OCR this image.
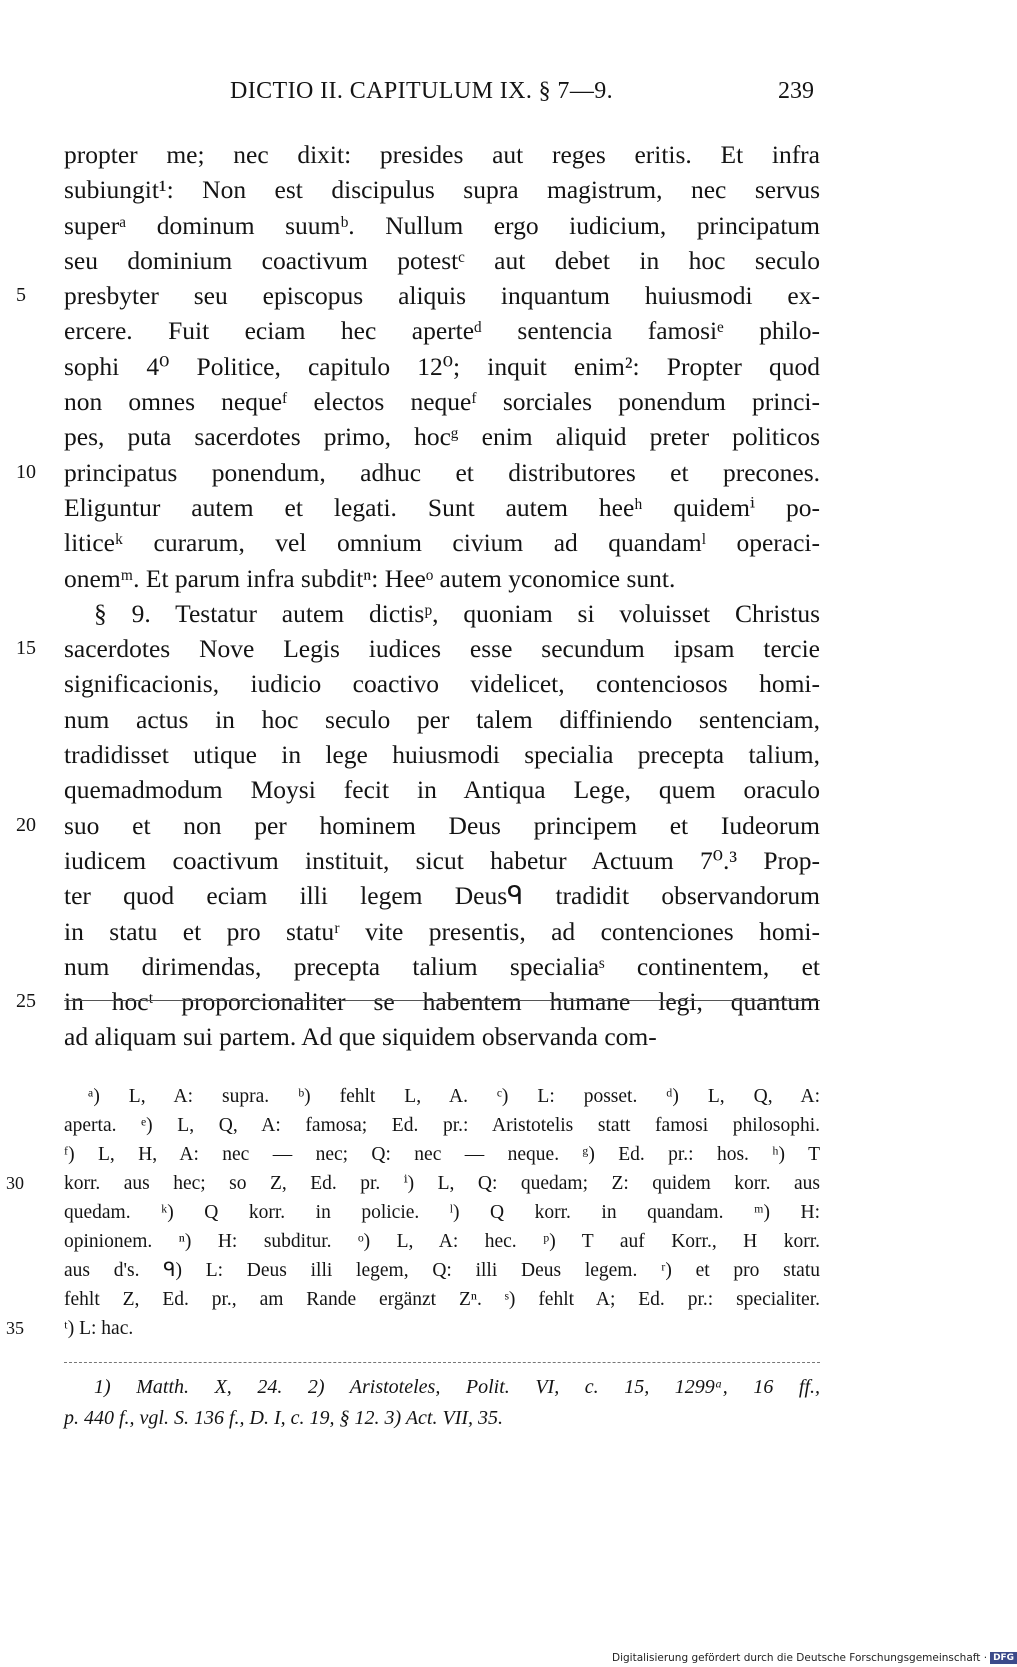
DICTIO II. CAPITULUM IX. § 7—9.	239
propter me; nec dixit: presides aut reges eritis. Et infra
subiungit¹: Non est discipulus supra magistrum, nec servus
superᵃ dominum suumᵇ. Nullum ergo iudicium, principatum
seu dominium coactivum potestᶜ aut debet in hoc seculo
5	presbyter seu episcopus aliquis inquantum huiusmodi ex-
ercere. Fuit eciam hec aperteᵈ sentencia famosiᵉ philo-
sophi 4⁰ Politice, capitulo 12⁰; inquit enim²: Propter quod
non omnes nequeᶠ electos nequeᶠ sorciales ponendum princi-
pes, puta sacerdotes primo, hocᵍ enim aliquid preter politicos
10	principatus ponendum, adhuc et distributores et precones.
Eliguntur autem et legati. Sunt autem heeʰ quidemⁱ po-
liticeᵏ curarum, vel omnium civium ad quandamˡ operaci-
onemᵐ. Et parum infra subditⁿ: Heeᵒ autem yconomice sunt.
§ 9. Testatur autem dictisᵖ, quoniam si voluisset Christus
15	sacerdotes Nove Legis iudices esse secundum ipsam tercie
significacionis, iudicio coactivo videlicet, contenciosos homi-
num actus in hoc seculo per talem diffiniendo sentenciam,
tradidisset utique in lege huiusmodi specialia precepta talium,
quemadmodum Moysi fecit in Antiqua Lege, quem oraculo
20	suo et non per hominem Deus principem et Iudeorum
iudicem coactivum instituit, sicut habetur Actuum 7⁰.³ Prop-
ter quod eciam illi legem Deusᑫ tradidit observandorum
in statu et pro statuʳ vite presentis, ad contenciones homi-
num dirimendas, precepta talium specialiaˢ continentem, et
25	in hocᵗ proporcionaliter se habentem humane legi, quantum
ad aliquam sui partem. Ad que siquidem observanda com-
ᵃ) L, A: supra. ᵇ) fehlt L, A. ᶜ) L: posset. ᵈ) L, Q, A:
aperta. ᵉ) L, Q, A: famosa; Ed. pr.: Aristotelis statt famosi philosophi.
ᶠ) L, H, A: nec — nec; Q: nec — neque. ᵍ) Ed. pr.: hos. ʰ) T
30	korr. aus hec; so Z, Ed. pr. ⁱ) L, Q: quedam; Z: quidem korr. aus
quedam. ᵏ) Q korr. in policie. ˡ) Q korr. in quandam. ᵐ) H:
opinionem. ⁿ) H: subditur. ᵒ) L, A: hec. ᵖ) T auf Korr., H korr.
aus d's. ᑫ) L: Deus illi legem, Q: illi Deus legem. ʳ) et pro statu
fehlt Z, Ed. pr., am Rande ergänzt Zⁿ. ˢ) fehlt A; Ed. pr.: specialiter.
35	ᵗ) L: hac.
1) Matth. X, 24. 2) Aristoteles, Polit. VI, c. 15, 1299ᵃ, 16 ff.,
p. 440 f., vgl. S. 136 f., D. I, c. 19, § 12. 3) Act. VII, 35.
Digitalisierung gefördert durch die Deutsche Forschungsgemeinschaft · DFG
